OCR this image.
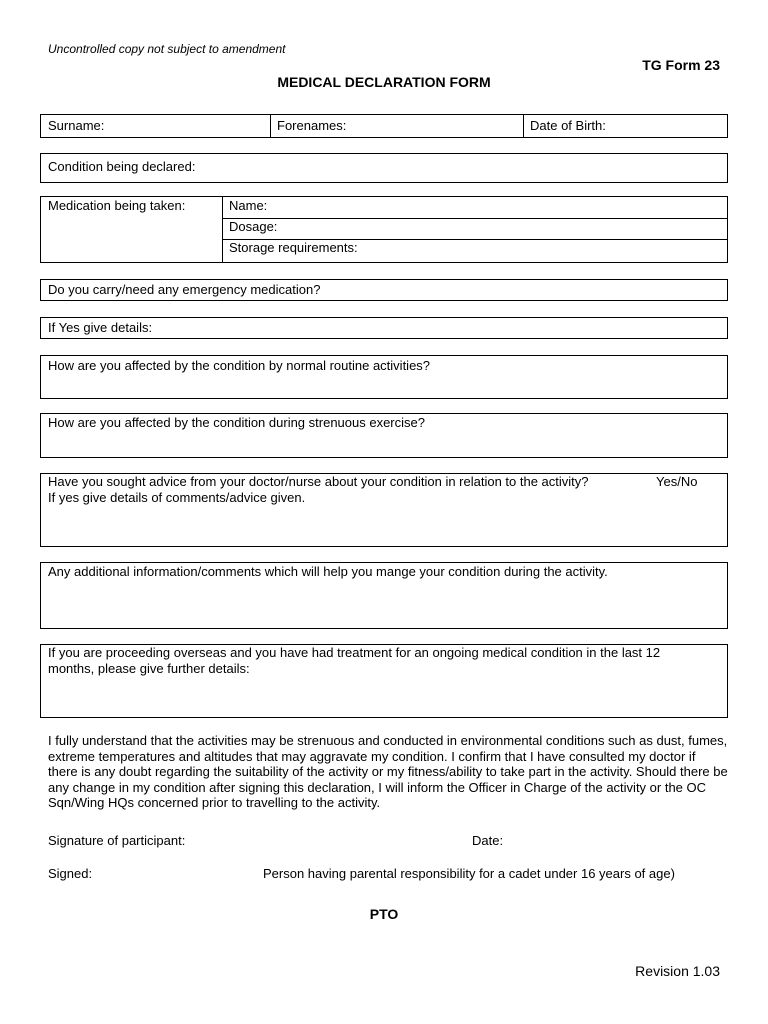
Uncontrolled copy not subject to amendment
TG Form 23
MEDICAL DECLARATION FORM
Surname:	Forenames:	Date of Birth:
Condition being declared:
Medication being taken:	Name:
Dosage:
Storage requirements:
Do you carry/need any emergency medication?
If Yes give details:
How are you affected by the condition by normal routine activities?
How are you affected by the condition during strenuous exercise?
Have you sought advice from your doctor/nurse about your condition in relation to the activity?	Yes/No
If yes give details of comments/advice given.
Any additional information/comments which will help you mange your condition during the activity.
If you are proceeding overseas and you have had treatment for an ongoing medical condition in the last 12
months, please give further details:
I fully understand that the activities may be strenuous and conducted in environmental conditions such as dust, fumes, extreme temperatures and altitudes that may aggravate my condition. I confirm that I have consulted my doctor if there is any doubt regarding the suitability of the activity or my fitness/ability to take part in the activity. Should there be any change in my condition after signing this declaration, I will inform the Officer in Charge of the activity or the OC Sqn/Wing HQs concerned prior to travelling to the activity.
Signature of participant:	Date:
Signed:	Person having parental responsibility for a cadet under 16 years of age)
PTO
Revision 1.03
